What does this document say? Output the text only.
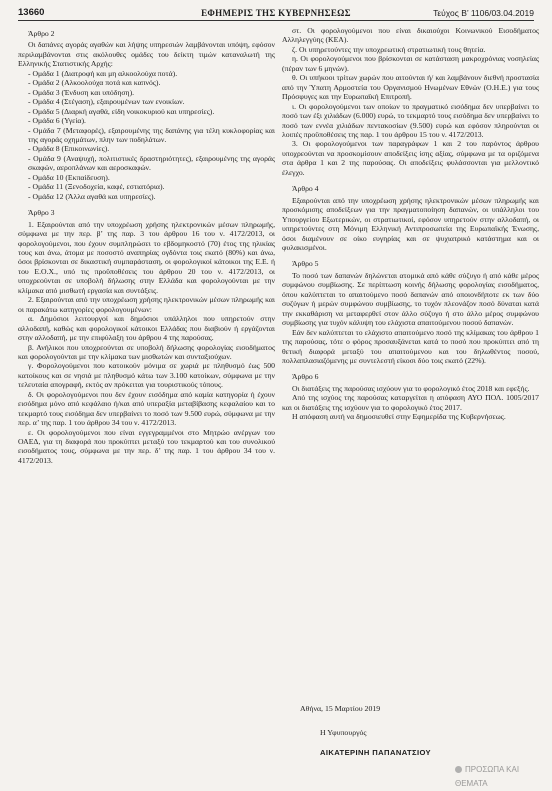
13660	ΕΦΗΜΕΡΙΣ ΤΗΣ ΚΥΒΕΡΝΗΣΕΩΣ	Τεύχος Β’ 1106/03.04.2019

Άρθρο 2

Οι δαπάνες αγοράς αγαθών και λήψης υπηρεσιών λαμβάνονται υπόψη, εφόσον περιλαμβάνονται στις ακόλουθες ομάδες του δείκτη τιμών καταναλωτή της Ελληνικής Στατιστικής Αρχής:

- Ομάδα 1 (Διατροφή και μη αλκοολούχα ποτά).

- Ομάδα 2 (Αλκοολούχα ποτά και καπνός).

- Ομάδα 3 (Ένδυση και υπόδηση).

- Ομάδα 4 (Στέγαση), εξαιρουμένων των ενοικίων.

- Ομάδα 5 (Διαρκή αγαθά, είδη νοικοκυριού και υπηρεσίες).

- Ομάδα 6 (Υγεία).

- Ομάδα 7 (Μεταφορές), εξαιρουμένης της δαπάνης για τέλη κυκλοφορίας και της αγοράς οχημάτων, πλην των ποδηλάτων.

- Ομάδα 8 (Επικοινωνίες).

- Ομάδα 9 (Αναψυχή, πολιτιστικές δραστηριότητες), εξαιρουμένης της αγοράς σκαφών, αεροπλάνων και αεροσκαφών.

- Ομάδα 10 (Εκπαίδευση).

- Ομάδα 11 (Ξενοδοχεία, καφέ, εστιατόρια).

- Ομάδα 12 (Άλλα αγαθά και υπηρεσίες).

Άρθρο 3

1. Εξαιρούνται από την υποχρέωση χρήσης ηλεκτρονικών μέσων πληρωμής, σύμφωνα με την περ. β’ της παρ. 3 του άρθρου 16 του ν. 4172/2013, οι φορολογούμενοι, που έχουν συμπληρώσει το εβδομηκοστό (70) έτος της ηλικίας τους και άνω, άτομα με ποσοστό αναπηρίας ογδόντα τοις εκατό (80%) και άνω, όσοι βρίσκονται σε δικαστική συμπαράσταση, οι φορολογικοί κάτοικοι της Ε.Ε. ή του Ε.Ο.Χ., υπό τις προϋποθέσεις του άρθρου 20 του ν. 4172/2013, οι υποχρεούνται σε υποβολή δήλωσης στην Ελλάδα και φορολογούνται με την κλίμακα από μισθωτή εργασία και συντάξεις.

2. Εξαιρούνται από την υποχρέωση χρήσης ηλεκτρονικών μέσων πληρωμής και οι παρακάτω κατηγορίες φορολογουμένων:

α. Δημόσιοι λειτουργοί και δημόσιοι υπάλληλοι που υπηρετούν στην αλλοδαπή, καθώς και φορολογικοί κάτοικοι Ελλάδας που διαβιούν ή εργάζονται στην αλλοδαπή, με την επιφύλαξη του άρθρου 4 της παρούσας.

β. Ανήλικοι που υποχρεούνται σε υποβολή δήλωσης φορολογίας εισοδήματος και φορολογούνται με την κλίμακα των μισθωτών και συνταξιούχων.

γ. Φορολογούμενοι που κατοικούν μόνιμα σε χωριά με πληθυσμό έως 500 κατοίκους και σε νησιά με πληθυσμό κάτω των 3.100 κατοίκων, σύμφωνα με την τελευταία απογραφή, εκτός αν πρόκειται για τουριστικούς τόπους.

δ. Οι φορολογούμενοι που δεν έχουν εισόδημα από καμία κατηγορία ή έχουν εισόδημα μόνο από κεφάλαιο ή/και από υπεραξία μεταβίβασης κεφαλαίου και το τεκμαρτό τους εισόδημα δεν υπερβαίνει το ποσό των 9.500 ευρώ, σύμφωνα με την περ. α’ της παρ. 1 του άρθρου 34 του ν. 4172/2013.

ε. Οι φορολογούμενοι που είναι εγγεγραμμένοι στο Μητρώο ανέργων του ΟΑΕΔ, για τη διαφορά που προκύπτει μεταξύ του τεκμαρτού και του συνολικού εισοδήματος τους, σύμφωνα με την περ. δ’ της παρ. 1 του άρθρου 34 του ν. 4172/2013.

στ. Οι φορολογούμενοι που είναι δικαιούχοι Κοινωνικού Εισοδήματος Αλληλεγγύης (ΚΕΑ).

ζ. Οι υπηρετούντες την υποχρεωτική στρατιωτική τους θητεία.

η. Οι φορολογούμενοι που βρίσκονται σε κατάσταση μακροχρόνιας νοσηλείας (πέραν των 6 μηνών).

θ. Οι υπήκοοι τρίτων χωρών που αιτούνται ή/ και λαμβάνουν διεθνή προστασία από την Ύπατη Αρμοστεία του Οργανισμού Ηνωμένων Εθνών (Ο.Η.Ε.) για τους Πρόσφυγες και την Ευρωπαϊκή Επιτροπή.

ι. Οι φορολογούμενοι των οποίων το πραγματικό εισόδημα δεν υπερβαίνει το ποσό των έξι χιλιάδων (6.000) ευρώ, το τεκμαρτό τους εισόδημα δεν υπερβαίνει το ποσό των εννέα χιλιάδων πεντακοσίων (9.500) ευρώ και εφόσον πληρούνται οι λοιπές προϋποθέσεις της παρ. 1 του άρθρου 15 του ν. 4172/2013.

3. Οι φορολογούμενοι των παραγράφων 1 και 2 του παρόντος άρθρου υποχρεούνται να προσκομίσουν αποδείξεις ίσης αξίας, σύμφωνα με τα οριζόμενα στα άρθρα 1 και 2 της παρούσας. Οι αποδείξεις φυλάσσονται για μελλοντικό έλεγχο.

Άρθρο 4

Εξαιρούνται από την υποχρέωση χρήσης ηλεκτρονικών μέσων πληρωμής και προσκόμισης αποδείξεων για την πραγματοποίηση δαπανών, οι υπάλληλοι του Υπουργείου Εξωτερικών, οι στρατιωτικοί, εφόσον υπηρετούν στην αλλοδαπή, οι υπηρετούντες στη Μόνιμη Ελληνική Αντιπροσωπεία της Ευρωπαϊκής Ένωσης, όσοι διαμένουν σε οίκο ευγηρίας και σε ψυχιατρικό κατάστημα και οι φυλακισμένοι.

Άρθρο 5

Το ποσό των δαπανών δηλώνεται ατομικά από κάθε σύζυγο ή από κάθε μέρος συμφώνου συμβίωσης. Σε περίπτωση κοινής δήλωσης φορολογίας εισοδήματος, όπου καλύπτεται το απαιτούμενο ποσό δαπανών από οποιονδήποτε εκ των δύο συζύγων ή μερών συμφώνου συμβίωσης, το τυχόν πλεονάζον ποσό δύναται κατά την εκκαθάριση να μεταφερθεί στον άλλο σύζυγο ή στο άλλο μέρος συμφώνου συμβίωσης για τυχόν κάλυψη του ελάχιστα απαιτούμενου ποσού δαπανών.

Εάν δεν καλύπτεται το ελάχιστο απαιτούμενο ποσό της κλίμακας του άρθρου 1 της παρούσας, τότε ο φόρος προσαυξάνεται κατά το ποσό που προκύπτει από τη θετική διαφορά μεταξύ του απαιτούμενου και του δηλωθέντος ποσού, πολλαπλασιαζόμενης με συντελεστή είκοσι δύο τοις εκατό (22%).

Άρθρο 6

Οι διατάξεις της παρούσας ισχύουν για το φορολογικό έτος 2018 και εφεξής.

Από της ισχύος της παρούσας καταργείται η απόφαση ΑΥΟ ΠΟΛ. 1005/2017 και οι διατάξεις της ισχύουν για το φορολογικό έτος 2017.

Η απόφαση αυτή να δημοσιευθεί στην Εφημερίδα της Κυβερνήσεως.

Αθήνα, 15 Μαρτίου 2019
Η Υφυπουργός
ΑΙΚΑΤΕΡΙΝΗ ΠΑΠΑΝΑΤΣΙΟΥ
ΠΡΟΣΩΠΑ ΚΑΙ ΘΕΜΑΤΑ
